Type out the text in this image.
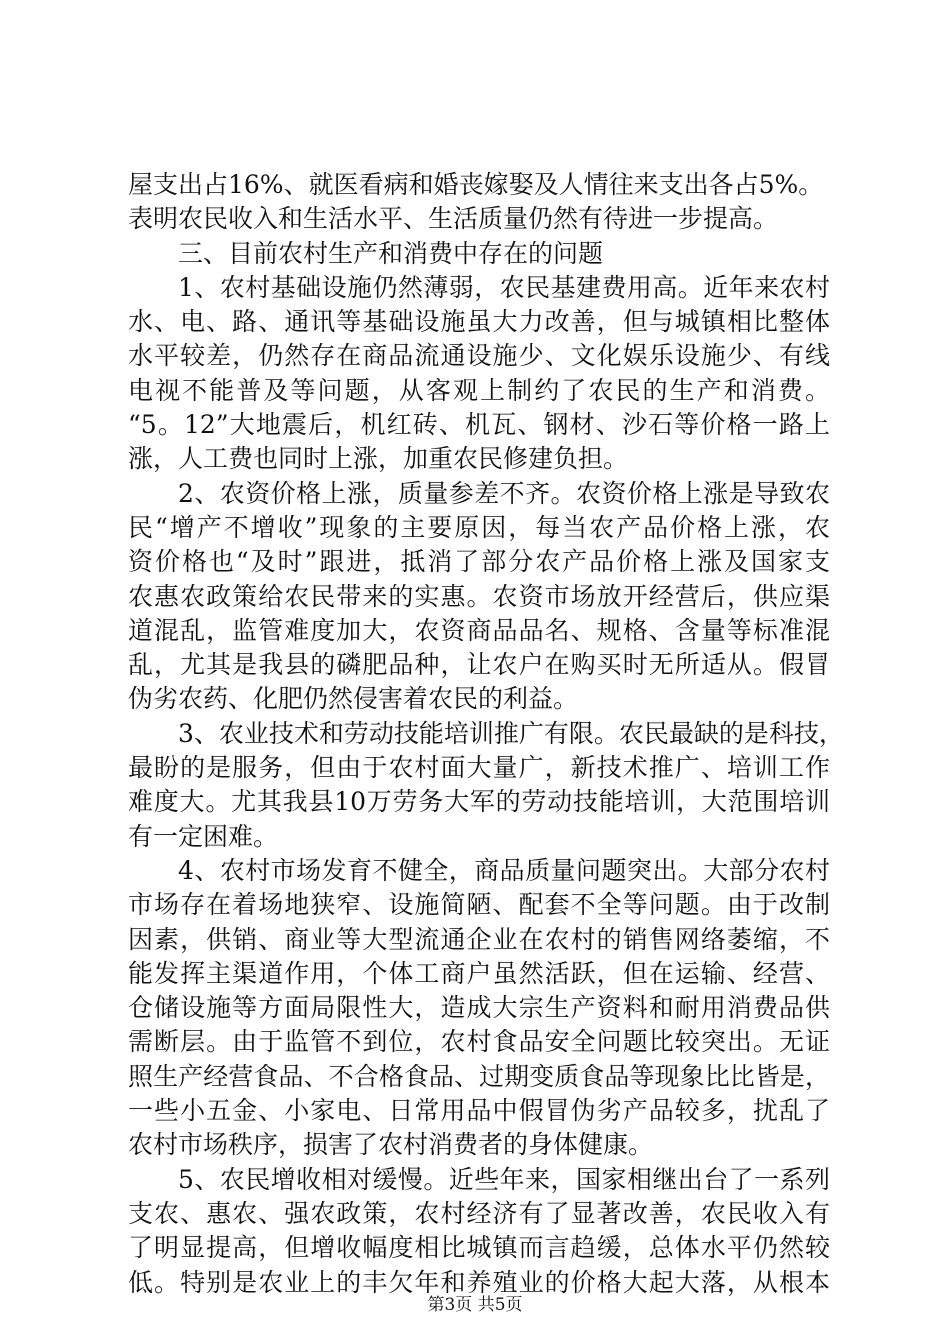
屋支出占16%、就医看病和婚丧嫁娶及人情往来支出各占5%。
表明农民收入和生活水平、生活质量仍然有待进一步提高。
三、目前农村生产和消费中存在的问题
1、农村基础设施仍然薄弱，农民基建费用高。近年来农村
水、电、路、通讯等基础设施虽大力改善，但与城镇相比整体
水平较差，仍然存在商品流通设施少、文化娱乐设施少、有线
电视不能普及等问题，从客观上制约了农民的生产和消费。
“5。12”大地震后，机红砖、机瓦、钢材、沙石等价格一路上
涨，人工费也同时上涨，加重农民修建负担。
2、农资价格上涨，质量参差不齐。农资价格上涨是导致农
民“增产不增收”现象的主要原因，每当农产品价格上涨，农
资价格也“及时”跟进，抵消了部分农产品价格上涨及国家支
农惠农政策给农民带来的实惠。农资市场放开经营后，供应渠
道混乱，监管难度加大，农资商品品名、规格、含量等标准混
乱，尤其是我县的磷肥品种，让农户在购买时无所适从。假冒
伪劣农药、化肥仍然侵害着农民的利益。
3、农业技术和劳动技能培训推广有限。农民最缺的是科技，
最盼的是服务，但由于农村面大量广，新技术推广、培训工作
难度大。尤其我县10万劳务大军的劳动技能培训，大范围培训
有一定困难。
4、农村市场发育不健全，商品质量问题突出。大部分农村
市场存在着场地狭窄、设施简陋、配套不全等问题。由于改制
因素，供销、商业等大型流通企业在农村的销售网络萎缩，不
能发挥主渠道作用，个体工商户虽然活跃，但在运输、经营、
仓储设施等方面局限性大，造成大宗生产资料和耐用消费品供
需断层。由于监管不到位，农村食品安全问题比较突出。无证
照生产经营食品、不合格食品、过期变质食品等现象比比皆是，
一些小五金、小家电、日常用品中假冒伪劣产品较多，扰乱了
农村市场秩序，损害了农村消费者的身体健康。
5、农民增收相对缓慢。近些年来，国家相继出台了一系列
支农、惠农、强农政策，农村经济有了显著改善，农民收入有
了明显提高，但增收幅度相比城镇而言趋缓，总体水平仍然较
低。特别是农业上的丰欠年和养殖业的价格大起大落，从根本
第3页 共5页
